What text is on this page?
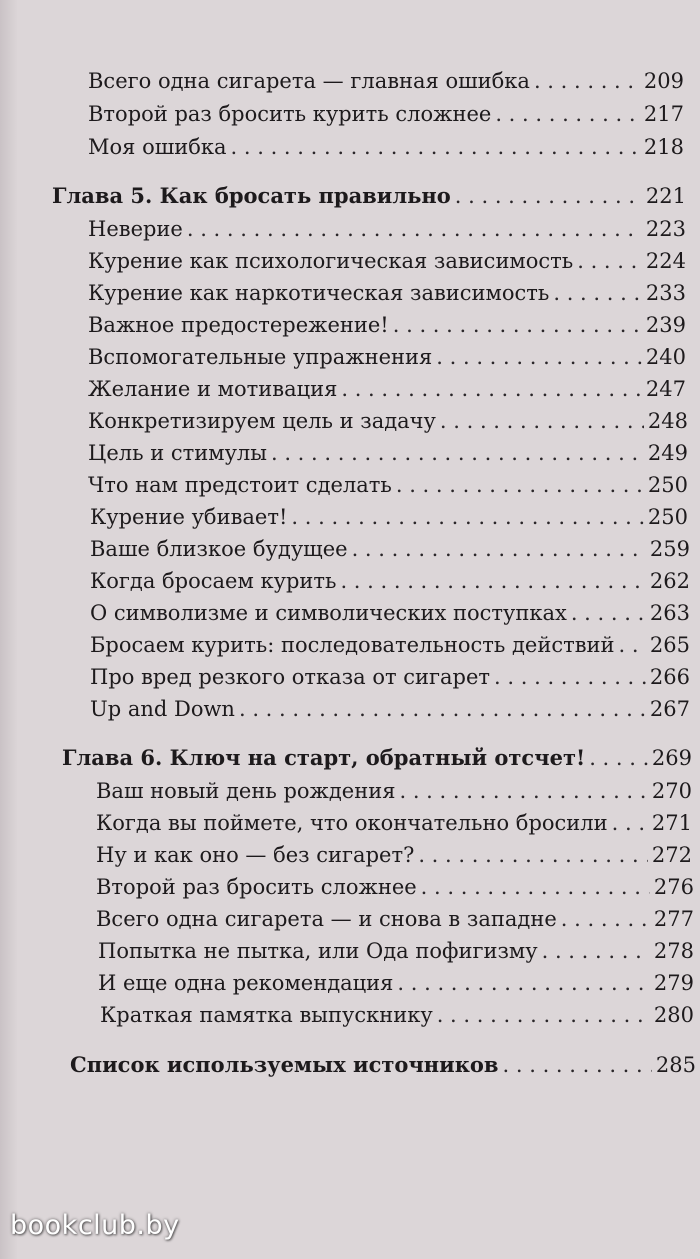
Всего одна сигарета — главная ошибка . . .	209
Второй раз бросить курить сложнее . . .	217
Моя ошибка . . .	218
Глава 5. Как бросать правильно . . .	221
Неверие . . .	223
Курение как психологическая зависимость . . .	224
Курение как наркотическая зависимость . . .	233
Важное предостережение! . . .	239
Вспомогательные упражнения . . .	240
Желание и мотивация . . .	247
Конкретизируем цель и задачу . . .	248
Цель и стимулы . . .	249
Что нам предстоит сделать . . .	250
Курение убивает! . . .	250
Ваше близкое будущее . . .	259
Когда бросаем курить . . .	262
О символизме и символических поступках . . .	263
Бросаем курить: последовательность действий . . . 265
Про вред резкого отказа от сигарет . . .	266
Up and Down . . .	267
Глава 6. Ключ на старт, обратный отсчет! . . .	269
Ваш новый день рождения . . .	270
Когда вы поймете, что окончательно бросили . . . 271
Ну и как оно — без сигарет? . . .	272
Второй раз бросить сложнее . . .	276
Всего одна сигарета — и снова в западне . . .	277
Попытка не пытка, или Ода пофигизму . . .	278
И еще одна рекомендация . . .	279
Краткая памятка выпускнику . . .	280
Список используемых источников . . .	285
bookclub.by
